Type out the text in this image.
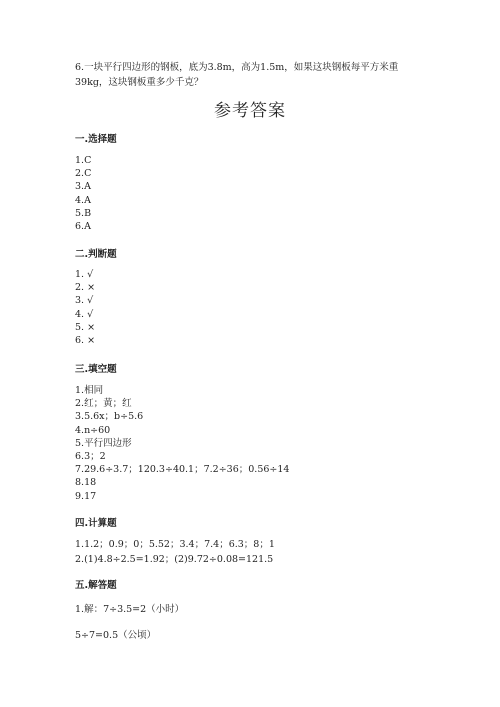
6.一块平行四边形的钢板，底为3.8m，高为1.5m，如果这块钢板每平方米重
39kg，这块钢板重多少千克？
参考答案
一.选择题
1.C
2.C
3.A
4.A
5.B
6.A
二.判断题
1. √
2. ×
3. √
4. √
5. ×
6. ×
三.填空题
1.相同
2.红；黄；红
3.5.6x；b÷5.6
4.n÷60
5.平行四边形
6.3；2
7.29.6÷3.7；120.3÷40.1；7.2÷36；0.56÷14
8.18
9.17
四.计算题
1.1.2；0.9；0；5.52；3.4；7.4；6.3；8；1
2.(1)4.8÷2.5=1.92；(2)9.72÷0.08=121.5
五.解答题
1.解：7÷3.5=2（小时）
5÷7=0.5（公顷）
